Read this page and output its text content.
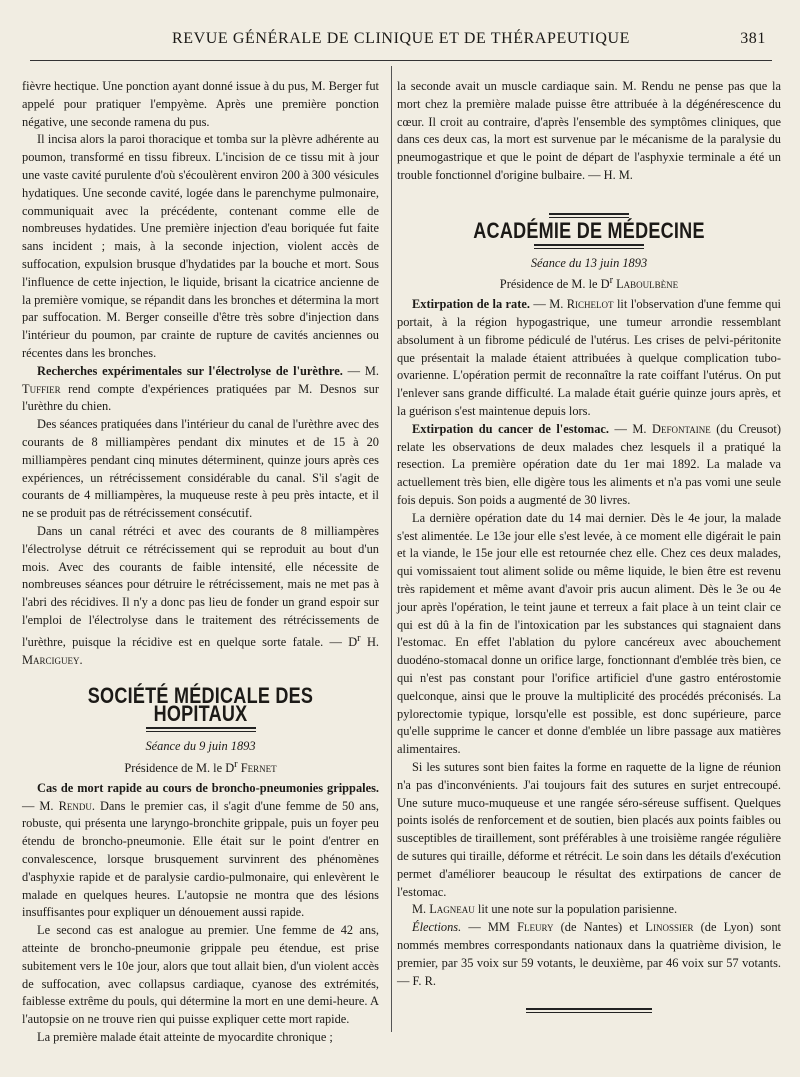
REVUE GÉNÉRALE DE CLINIQUE ET DE THÉRAPEUTIQUE	381

fièvre hectique. Une ponction ayant donné issue à du pus, M. Berger fut appelé pour pratiquer l'empyème. Après une première ponction négative, une seconde ramena du pus.

Il incisa alors la paroi thoracique et tomba sur la plèvre adhérente au poumon, transformé en tissu fibreux. L'incision de ce tissu mit à jour une vaste cavité purulente d'où s'écoulèrent environ 200 à 300 vésicules hydatiques. Une seconde cavité, logée dans le parenchyme pulmonaire, communiquait avec la précédente, contenant comme elle de nombreuses hydatides. Une première injection d'eau boriquée fut faite sans incident ; mais, à la seconde injection, violent accès de suffocation, expulsion brusque d'hydatides par la bouche et mort. Sous l'influence de cette injection, le liquide, brisant la cicatrice ancienne de la première vomique, se répandit dans les bronches et détermina la mort par suffocation. M. Berger conseille d'être très sobre d'injection dans l'intérieur du poumon, par crainte de rupture de cavités anciennes ou récentes dans les bronches.

Recherches expérimentales sur l'électrolyse de l'urèthre. — M. Tuffier rend compte d'expériences pratiquées par M. Desnos sur l'urèthre du chien.

Des séances pratiquées dans l'intérieur du canal de l'urèthre avec des courants de 8 milliampères pendant dix minutes et de 15 à 20 milliampères pendant cinq minutes déterminent, quinze jours après ces expériences, un rétrécissement considérable du canal. S'il s'agit de courants de 4 milliampères, la muqueuse reste à peu près intacte, et il ne se produit pas de rétrécissement consécutif.

Dans un canal rétréci et avec des courants de 8 milliampères l'électrolyse détruit ce rétrécissement qui se reproduit au bout d'un mois. Avec des courants de faible intensité, elle nécessite de nombreuses séances pour détruire le rétrécissement, mais ne met pas à l'abri des récidives. Il n'y a donc pas lieu de fonder un grand espoir sur l'emploi de l'électrolyse dans le traitement des rétrécissements de l'urèthre, puisque la récidive est en quelque sorte fatale. — $D^r$ H. Marciguey.

SOCIÉTÉ MÉDICALE DES HOPITAUX
Séance du 9 juin 1893
Présidence de M. le $D^r$ Fernet

Cas de mort rapide au cours de broncho-pneumonies grippales. — M. Rendu. Dans le premier cas, il s'agit d'une femme de 50 ans, robuste, qui présenta une laryngo-bronchite grippale, puis un foyer peu étendu de broncho-pneumonie. Elle était sur le point d'entrer en convalescence, lorsque brusquement survinrent des phénomènes d'asphyxie rapide et de paralysie cardio-pulmonaire, qui enlevèrent le malade en quelques heures. L'autopsie ne montra que des lésions insuffisantes pour expliquer un dénouement aussi rapide.

Le second cas est analogue au premier. Une femme de 42 ans, atteinte de broncho-pneumonie grippale peu étendue, est prise subitement vers le 10e jour, alors que tout allait bien, d'un violent accès de suffocation, avec collapsus cardiaque, cyanose des extrémités, faiblesse extrême du pouls, qui détermine la mort en une demi-heure. A l'autopsie on ne trouve rien qui puisse expliquer cette mort rapide.

La première malade était atteinte de myocardite chronique ;

la seconde avait un muscle cardiaque sain. M. Rendu ne pense pas que la mort chez la première malade puisse être attribuée à la dégénérescence du cœur. Il croit au contraire, d'après l'ensemble des symptômes cliniques, que dans ces deux cas, la mort est survenue par le mécanisme de la paralysie du pneumogastrique et que le point de départ de l'asphyxie terminale a été un trouble fonctionnel d'origine bulbaire. — H. M.

ACADÉMIE DE MÉDECINE
Séance du 13 juin 1893
Présidence de M. le $D^r$ Laboulbène

Extirpation de la rate. — M. Richelot lit l'observation d'une femme qui portait, à la région hypogastrique, une tumeur arrondie ressemblant absolument à un fibrome pédiculé de l'utérus. Les crises de pelvi-péritonite que présentait la malade étaient attribuées à quelque complication tubo-ovarienne. L'opération permit de reconnaître la rate coiffant l'utérus. On put l'enlever sans grande difficulté. La malade était guérie quinze jours après, et la guérison s'est maintenue depuis lors.

Extirpation du cancer de l'estomac. — M. Defontaine (du Creusot) relate les observations de deux malades chez lesquels il a pratiqué la resection. La première opération date du 1er mai 1892. La malade va actuellement très bien, elle digère tous les aliments et n'a pas vomi une seule fois depuis. Son poids a augmenté de 30 livres.

La dernière opération date du 14 mai dernier. Dès le 4e jour, la malade s'est alimentée. Le 13e jour elle s'est levée, à ce moment elle digérait le pain et la viande, le 15e jour elle est retournée chez elle. Chez ces deux malades, qui vomissaient tout aliment solide ou même liquide, le bien être est revenu très rapidement et même avant d'avoir pris aucun aliment. Dès le 3e ou 4e jour après l'opération, le teint jaune et terreux a fait place à un teint clair ce qui est dû à la fin de l'intoxication par les substances qui stagnaient dans l'estomac. En effet l'ablation du pylore cancéreux avec abouchement duodéno-stomacal donne un orifice large, fonctionnant d'emblée très bien, ce qui n'est pas constant pour l'orifice artificiel d'une gastro entérostomie quelconque, ainsi que le prouve la multiplicité des procédés préconisés. La pylorectomie typique, lorsqu'elle est possible, est donc supérieure, parce qu'elle supprime le cancer et donne d'emblée un libre passage aux matières alimentaires.

Si les sutures sont bien faites la forme en raquette de la ligne de réunion n'a pas d'inconvénients. J'ai toujours fait des sutures en surjet entrecoupé. Une suture muco-muqueuse et une rangée séro-séreuse suffisent. Quelques points isolés de renforcement et de soutien, bien placés aux points faibles ou susceptibles de tiraillement, sont préférables à une troisième rangée régulière de sutures qui tiraille, déforme et rétrécit. Le soin dans les détails d'exécution permet d'améliorer beaucoup le résultat des extirpations de cancer de l'estomac.

M. Lagneau lit une note sur la population parisienne.

Élections. — MM Fleury (de Nantes) et Linossier (de Lyon) sont nommés membres correspondants nationaux dans la quatrième division, le premier, par 35 voix sur 59 votants, le deuxième, par 46 voix sur 57 votants. — F. R.
